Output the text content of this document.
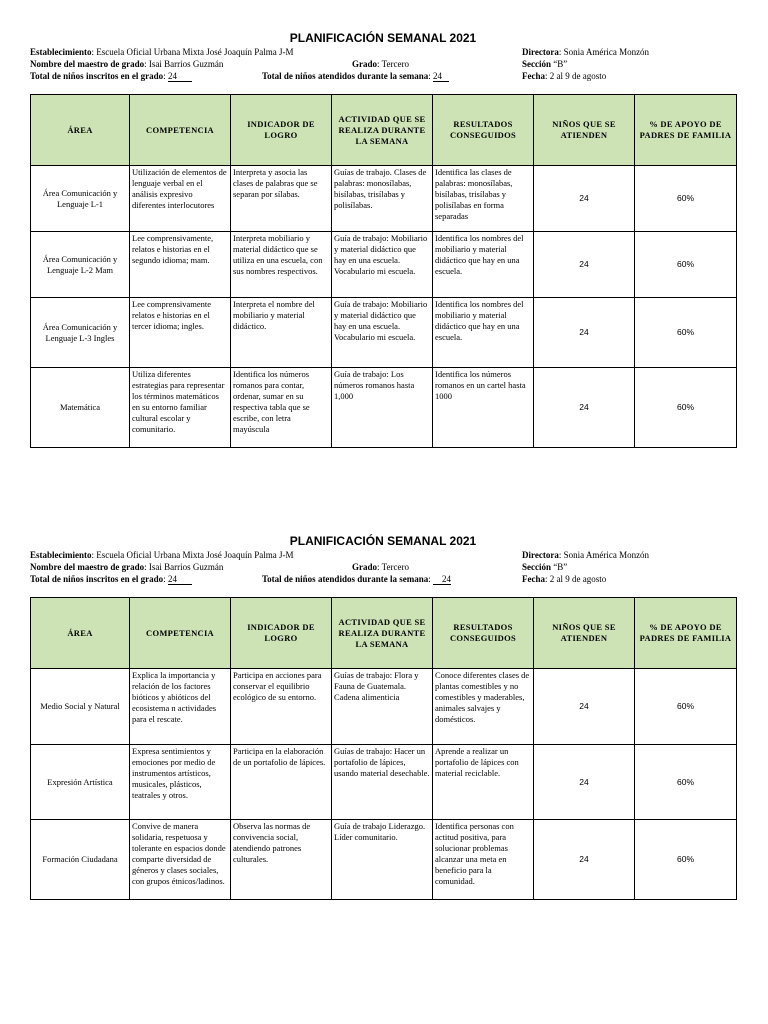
PLANIFICACIÓN SEMANAL 2021
Establecimiento: Escuela Oficial Urbana Mixta José Joaquín Palma J-M	Directora: Sonia América Monzón
Nombre del maestro de grado: Isai Barrios Guzmán	Grado: Tercero	Sección “B”
Total de niños inscritos en el grado: 24	Total de niños atendidos durante la semana: 24	Fecha: 2 al 9 de agosto
ÁREA	COMPETENCIA	INDICADOR DE LOGRO	ACTIVIDAD QUE SE REALIZA DURANTE LA SEMANA	RESULTADOS CONSEGUIDOS	NIÑOS QUE SE ATIENDEN	% DE APOYO DE PADRES DE FAMILIA
Área Comunicación y Lenguaje L-1	Utilización de elementos de lenguaje verbal en el análisis expresivo diferentes interlocutores	Interpreta y asocia las clases de palabras que se separan por sílabas.	Guías de trabajo. Clases de palabras: monosílabas, bisílabas, trisílabas y polisílabas.	Identifica las clases de palabras: monosílabas, bisílabas, trisílabas y polisílabas en forma separadas	24	60%
Área Comunicación y Lenguaje L-2 Mam	Lee comprensivamente, relatos e historias en el segundo idioma; mam.	Interpreta mobiliario y material didáctico que se utiliza en una escuela, con sus nombres respectivos.	Guía de trabajo: Mobiliario y material didáctico que hay en una escuela. Vocabulario mi escuela.	Identifica los nombres del mobiliario y material didáctico que hay en una escuela.	24	60%
Área Comunicación y Lenguaje L-3 Ingles	Lee comprensivamente relatos e historias en el tercer idioma; ingles.	Interpreta el nombre del mobiliario y material didáctico.	Guía de trabajo: Mobiliario y material didáctico que hay en una escuela. Vocabulario mi escuela.	Identifica los nombres del mobiliario y material didáctico que hay en una escuela.	24	60%
Matemática	Utiliza diferentes estrategias para representar los términos matemáticos en su entorno familiar cultural escolar y comunitario.	Identifica los números romanos para contar, ordenar, sumar en su respectiva tabla que se escribe, con letra mayúscula	Guía de trabajo: Los números romanos hasta 1,000	Identifica los números romanos en un cartel hasta 1000	24	60%
PLANIFICACIÓN SEMANAL 2021
Establecimiento: Escuela Oficial Urbana Mixta José Joaquín Palma J-M	Directora: Sonia América Monzón
Nombre del maestro de grado: Isai Barrios Guzmán	Grado: Tercero	Sección “B”
Total de niños inscritos en el grado: 24	Total de niños atendidos durante la semana: 24	Fecha: 2 al 9 de agosto
ÁREA	COMPETENCIA	INDICADOR DE LOGRO	ACTIVIDAD QUE SE REALIZA DURANTE LA SEMANA	RESULTADOS CONSEGUIDOS	NIÑOS QUE SE ATIENDEN	% DE APOYO DE PADRES DE FAMILIA
Medio Social y Natural	Explica la importancia y relación de los factores bióticos y abióticos del ecosistema n actividades para el rescate.	Participa en acciones para conservar el equilibrio ecológico de su entorno.	Guías de trabajo: Flora y Fauna de Guatemala. Cadena alimenticia	Conoce diferentes clases de plantas comestibles y no comestibles y maderables, animales salvajes y domésticos.	24	60%
Expresión Artística	Expresa sentimientos y emociones por medio de instrumentos artísticos, musicales, plásticos, teatrales y otros.	Participa en la elaboración de un portafolio de lápices.	Guías de trabajo: Hacer un portafolio de lápices, usando material desechable.	Aprende a realizar un portafolio de lápices con material reciclable.	24	60%
Formación Ciudadana	Convive de manera solidaria, respetuosa y tolerante en espacios donde comparte diversidad de géneros y clases sociales, con grupos étnicos/ladinos.	Observa las normas de convivencia social, atendiendo patrones culturales.	Guía de trabajo Liderazgo. Líder comunitario.	Identifica personas con actitud positiva, para solucionar problemas alcanzar una meta en beneficio para la comunidad.	24	60%
